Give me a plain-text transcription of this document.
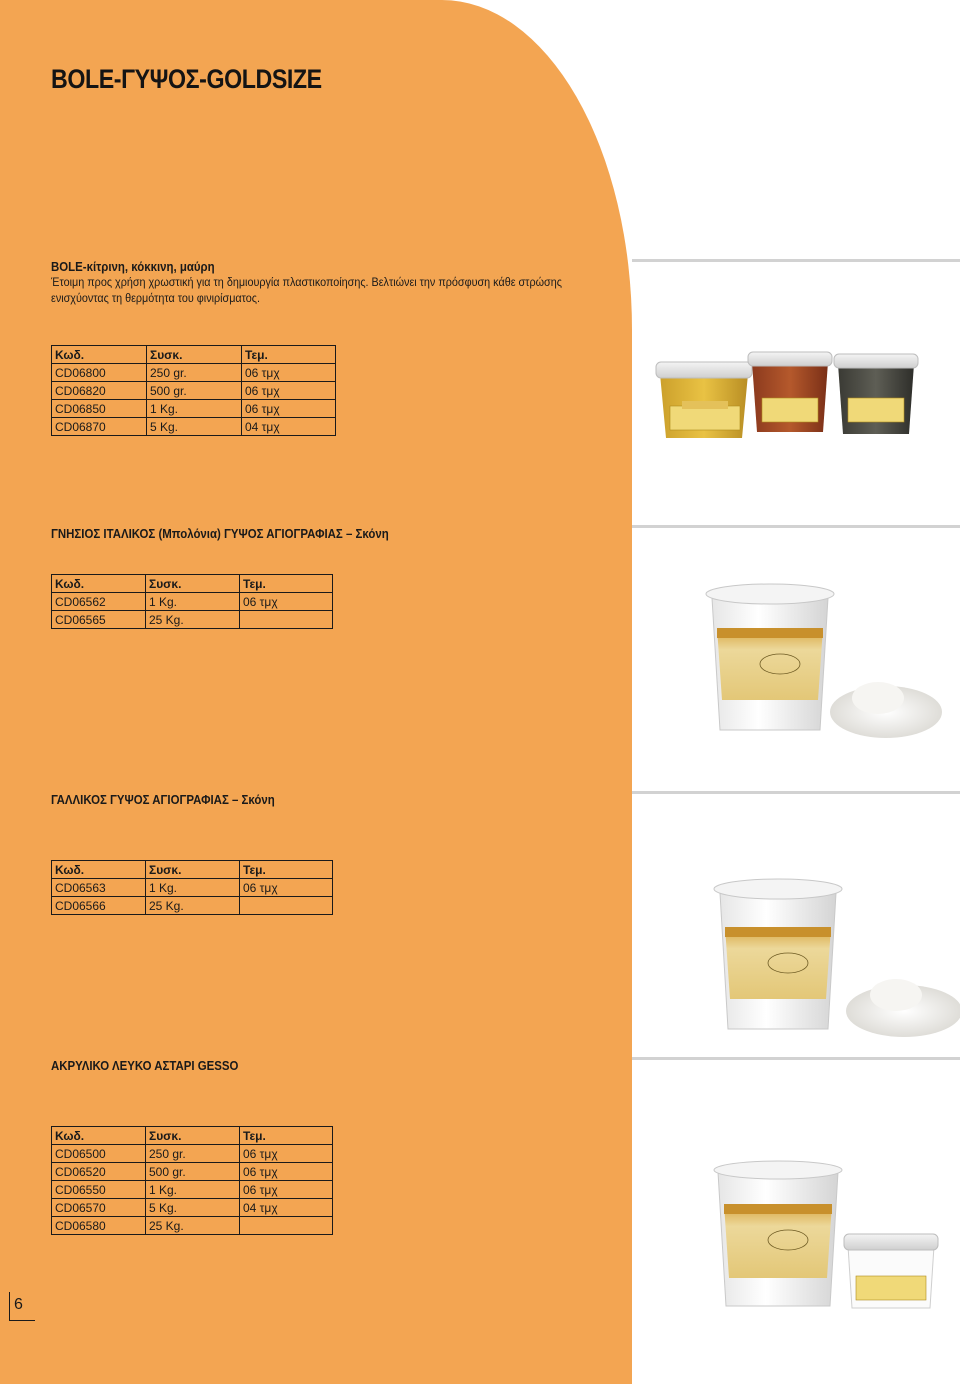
BOLE-ΓΥΨΟΣ-GOLDSIZE
BOLE-κίτρινη, κόκκινη, μαύρη
Έτοιμη προς χρήση χρωστική για τη δημιουργία πλαστικοποίησης. Βελτιώνει την πρόσφυση κάθε στρώσης
ενισχύοντας τη θερμότητα του φινιρίσματος.
Κωδ.	Συσκ.	Τεμ.
CD06800	250 gr.	06 τμχ
CD06820	500 gr.	06 τμχ
CD06850	1 Kg.	06 τμχ
CD06870	5 Kg.	04 τμχ
ΓΝΗΣΙΟΣ ΙΤΑΛΙΚΟΣ (Μπολόνια) ΓΥΨΟΣ ΑΓΙΟΓΡΑΦΙΑΣ – Σκόνη
Κωδ.	Συσκ.	Τεμ.
CD06562	1 Kg.	06 τμχ
CD06565	25 Kg.	
ΓΑΛΛΙΚΟΣ ΓΥΨΟΣ ΑΓΙΟΓΡΑΦΙΑΣ – Σκόνη
Κωδ.	Συσκ.	Τεμ.
CD06563	1 Kg.	06 τμχ
CD06566	25 Kg.	
ΑΚΡΥΛΙΚΟ ΛΕΥΚΟ ΑΣΤΑΡΙ GESSO
Κωδ.	Συσκ.	Τεμ.
CD06500	250 gr.	06 τμχ
CD06520	500 gr.	06 τμχ
CD06550	1 Kg.	06 τμχ
CD06570	5 Kg.	04 τμχ
CD06580	25 Kg.	
6
